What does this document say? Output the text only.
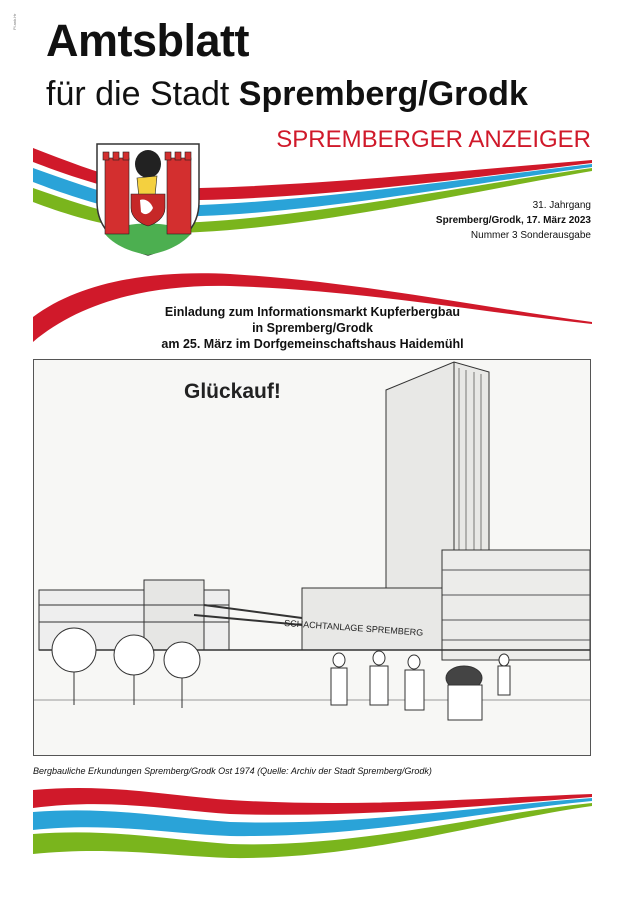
Pl.ank.Hr Amtsblatt
für die Stadt Spremberg/Grodk
SPREMBERGER ANZEIGER
31. Jahrgang
Spremberg/Grodk, 17. März 2023
Nummer 3 Sonderausgabe
Einladung zum Informationsmarkt Kupferbergbau
in Spremberg/Grodk
am 25. März im Dorfgemeinschaftshaus Haidemühl
Glückauf!
SCHACHTANLAGE SPREMBERG
Bergbauliche Erkundungen Spremberg/Grodk Ost 1974 (Quelle: Archiv der Stadt Spremberg/Grodk)
